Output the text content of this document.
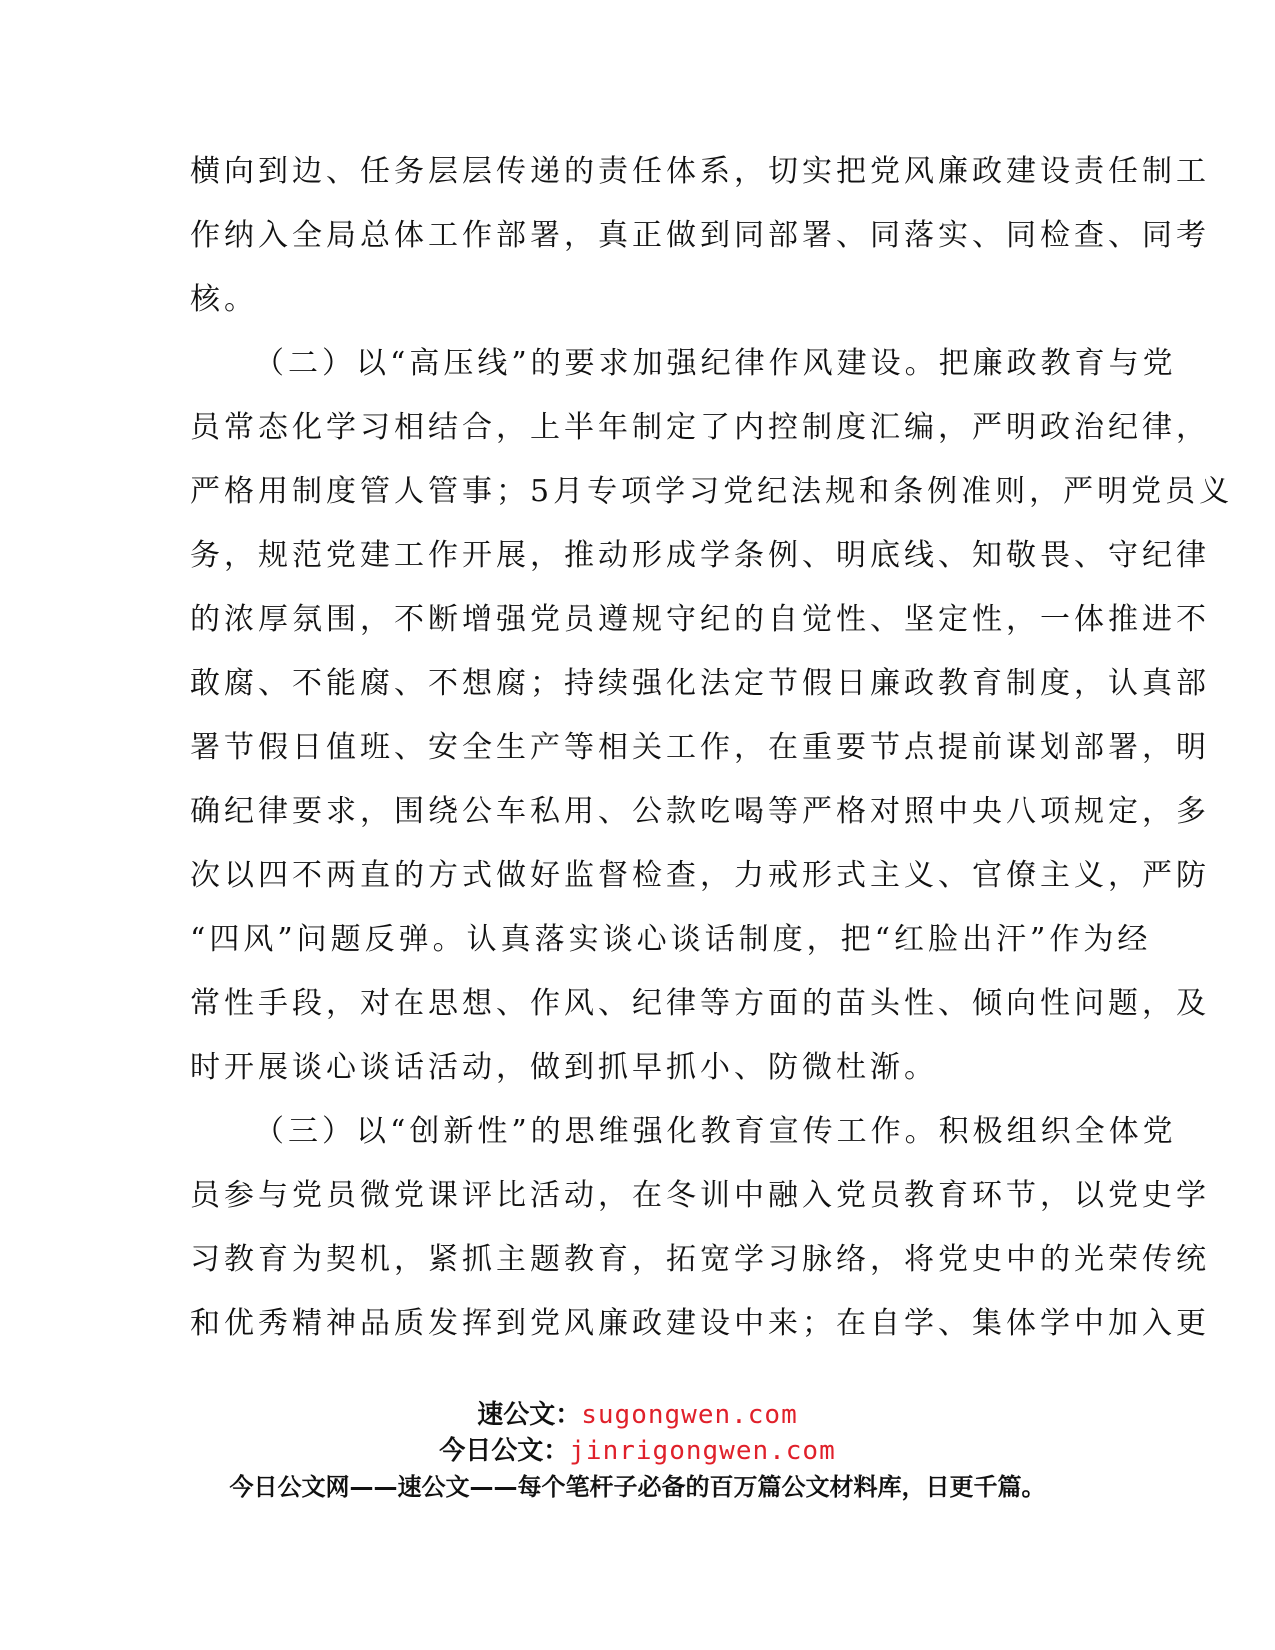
横向到边、任务层层传递的责任体系，切实把党风廉政建设责任制工
作纳入全局总体工作部署，真正做到同部署、同落实、同检查、同考
核。
（二）以“高压线”的要求加强纪律作风建设。把廉政教育与党
员常态化学习相结合，上半年制定了内控制度汇编，严明政治纪律，
严格用制度管人管事；5月专项学习党纪法规和条例准则，严明党员义
务，规范党建工作开展，推动形成学条例、明底线、知敬畏、守纪律
的浓厚氛围，不断增强党员遵规守纪的自觉性、坚定性，一体推进不
敢腐、不能腐、不想腐；持续强化法定节假日廉政教育制度，认真部
署节假日值班、安全生产等相关工作，在重要节点提前谋划部署，明
确纪律要求，围绕公车私用、公款吃喝等严格对照中央八项规定，多
次以四不两直的方式做好监督检查，力戒形式主义、官僚主义，严防
“四风”问题反弹。认真落实谈心谈话制度，把“红脸出汗”作为经
常性手段，对在思想、作风、纪律等方面的苗头性、倾向性问题，及
时开展谈心谈话活动，做到抓早抓小、防微杜渐。
（三）以“创新性”的思维强化教育宣传工作。积极组织全体党
员参与党员微党课评比活动，在冬训中融入党员教育环节，以党史学
习教育为契机，紧抓主题教育，拓宽学习脉络，将党史中的光荣传统
和优秀精神品质发挥到党风廉政建设中来；在自学、集体学中加入更
速公文：sugongwen.com
今日公文：jinrigongwen.com
今日公文网——速公文——每个笔杆子必备的百万篇公文材料库，日更千篇。
